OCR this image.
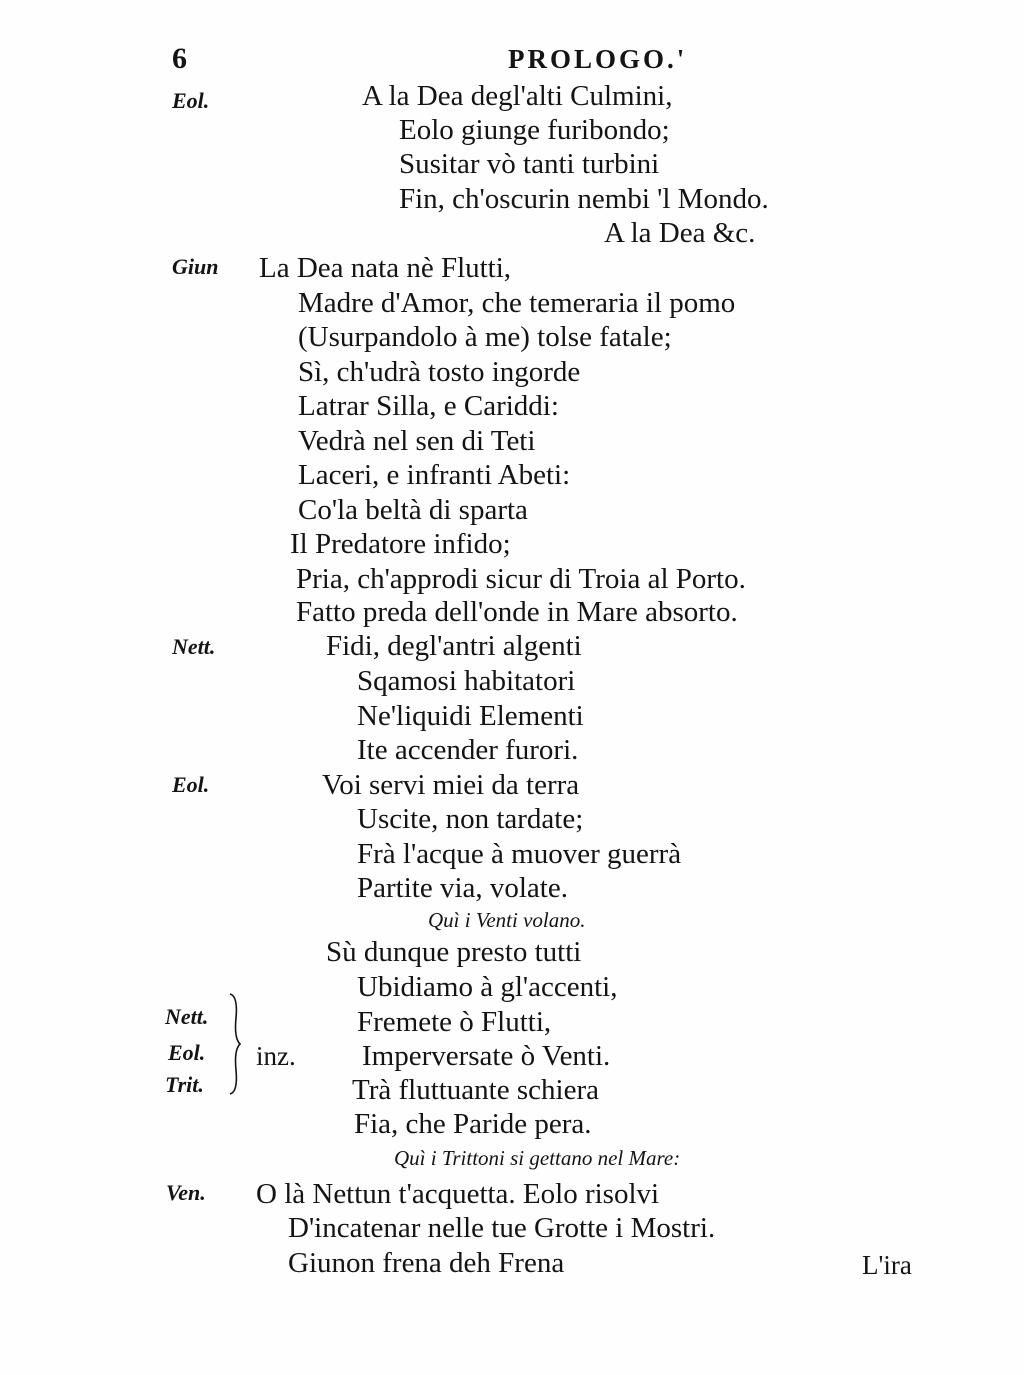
6	PROLOGO.'
Eol.
Giun
Nett.
Eol.
Nett.
Eol.
Trit.
Ven.
inz.
A la Dea degl'alti Culmini,
Eolo giunge furibondo;
Susitar vò tanti turbini
Fin, ch'oscurin nembi 'l Mondo.
A la Dea &c.
La Dea nata nè Flutti,
Madre d'Amor, che temeraria il pomo
(Usurpandolo à me) tolse fatale;
Sì, ch'udrà tosto ingorde
Latrar Silla, e Cariddi:
Vedrà nel sen di Teti
Laceri, e infranti Abeti:
Co'la beltà di sparta
Il Predatore infido;
Pria, ch'approdi sicur di Troia al Porto.
Fatto preda dell'onde in Mare absorto.
Fidi, degl'antri algenti
Sqamosi habitatori
Ne'liquidi Elementi
Ite accender furori.
Voi servi miei da terra
Uscite, non tardate;
Frà l'acque à muover guerrà
Partite via, volate.
Quì i Venti volano.
Sù dunque presto tutti
Ubidiamo à gl'accenti,
Fremete ò Flutti,
Imperversate ò Venti.
Trà fluttuante schiera
Fia, che Paride pera.
Quì i Trittoni si gettano nel Mare:
O là Nettun t'acquetta. Eolo risolvi
D'incatenar nelle tue Grotte i Mostri.
Giunon frena deh Frena	L'ira
